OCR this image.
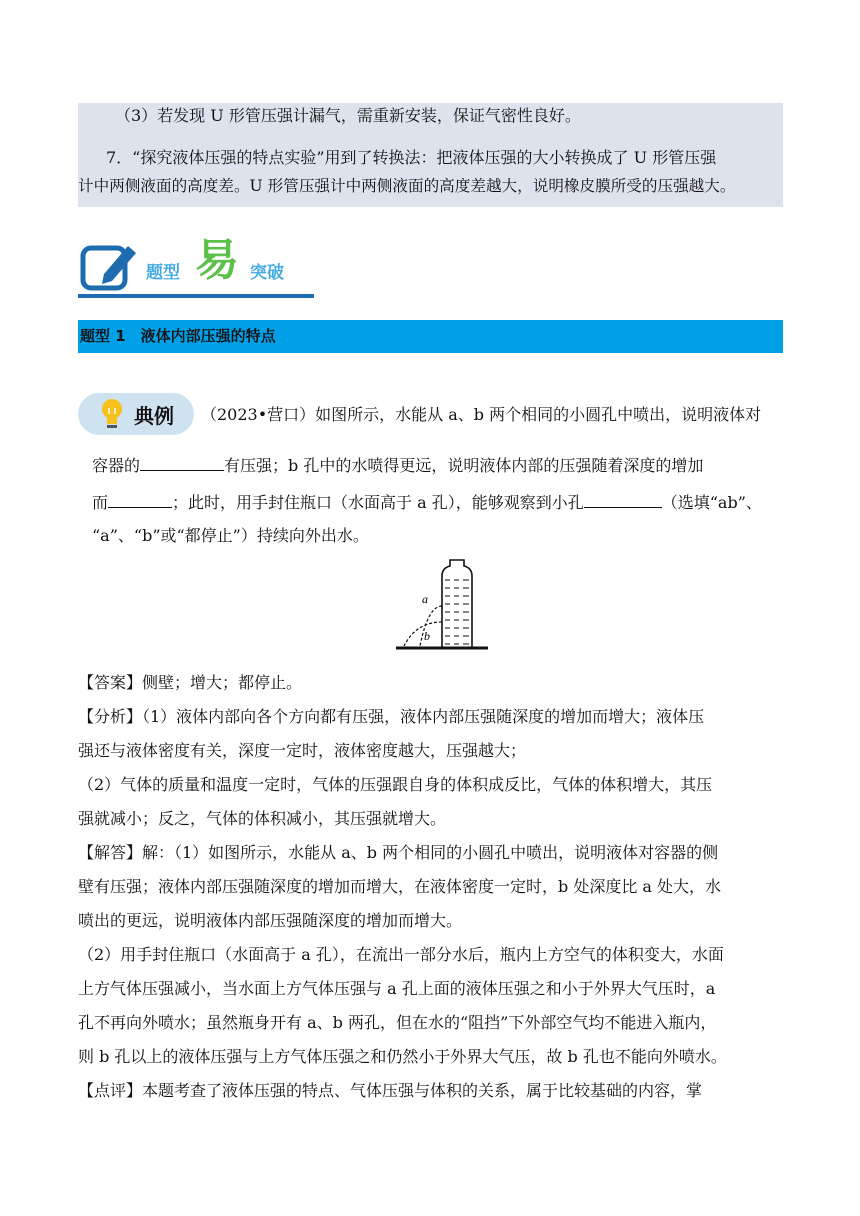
（3）若发现 U 形管压强计漏气，需重新安装，保证气密性良好。
7．“探究液体压强的特点实验”用到了转换法：把液体压强的大小转换成了 U 形管压强
计中两侧液面的高度差。U 形管压强计中两侧液面的高度差越大，说明橡皮膜所受的压强越大。
题型 易 突破
题型 1　液体内部压强的特点
典例 （2023•营口）如图所示，水能从 a、b 两个相同的小圆孔中喷出，说明液体对
容器的	有压强；b 孔中的水喷得更远，说明液体内部的压强随着深度的增加
而	；此时，用手封住瓶口（水面高于 a 孔），能够观察到小孔	（选填“ab”、
“a”、“b”或“都停止”）持续向外出水。
a
b
【答案】侧壁；增大；都停止。
【分析】（1）液体内部向各个方向都有压强，液体内部压强随深度的增加而增大；液体压
强还与液体密度有关，深度一定时，液体密度越大，压强越大；
（2）气体的质量和温度一定时，气体的压强跟自身的体积成反比，气体的体积增大，其压
强就减小；反之，气体的体积减小，其压强就增大。
【解答】解：（1）如图所示，水能从 a、b 两个相同的小圆孔中喷出，说明液体对容器的侧
壁有压强；液体内部压强随深度的增加而增大，在液体密度一定时，b 处深度比 a 处大，水
喷出的更远，说明液体内部压强随深度的增加而增大。
（2）用手封住瓶口（水面高于 a 孔），在流出一部分水后，瓶内上方空气的体积变大，水面
上方气体压强减小，当水面上方气体压强与 a 孔上面的液体压强之和小于外界大气压时，a
孔不再向外喷水；虽然瓶身开有 a、b 两孔，但在水的“阻挡”下外部空气均不能进入瓶内，
则 b 孔以上的液体压强与上方气体压强之和仍然小于外界大气压，故 b 孔也不能向外喷水。
【点评】本题考查了液体压强的特点、气体压强与体积的关系，属于比较基础的内容，掌
